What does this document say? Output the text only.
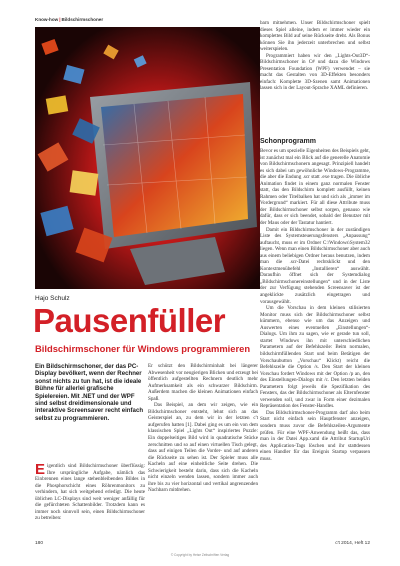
Know-how|Bildschirmschoner
Hajo Schulz
Pausenfüller
Bildschirmschoner für Windows programmieren
Ein Bildschirmschoner, der das PC-Display bevölkert, wenn der Rechner sonst nichts zu tun hat, ist die ideale Bühne für allerlei grafische Spielereien. Mit .NET und der WPF sind selbst dreidimensionale und interaktive Screensaver recht einfach selbst zu programmieren.
E igentlich sind Bildschirmschoner überflüssig: Ihre ursprüngliche Aufgabe, nämlich das Einbrennen eines lange stehenbleibenden Bildes in die Phosphorschicht eines Röhrenmonitors zu verhindern, hat sich weitgehend erledigt. Die heute üblichen LC-Displays sind weit weniger anfällig für die gefürchteten Schattenbilder. Trotzdem kann es immer noch sinnvoll sein, einen Bildschirmschoner zu betreiben:

Er schützt den Bildschirminhalt bei längerer Abwesenheit vor neugierigen Blicken und erzeugt bei öffentlich aufgestellten Rechnern deutlich mehr Aufmerksamkeit als ein schwarzer Bildschirm. Außerdem machen die kleinen Animationen einfach Spaß.

Das Beispiel, an dem wir zeigen, wie ein Bildschirmschoner entsteht, lehnt sich an das Geisterspiel an, zu dem wir in der letzten c't aufgerufen hatten [1]. Dabei ging es um ein von dem klassischen Spiel „Lights Out“ inspiriertes Puzzle: Ein doppelseitiges Bild wird in quadratische Stücke zerschnitten und so auf einen virtuellen Tisch gelegt, dass auf einigen Teilen die Vorder- und auf anderen die Rückseite zu sehen ist. Der Spieler muss alle Kacheln auf eine einheitliche Seite drehen. Die Schwierigkeit besteht darin, dass sich die Kacheln nicht einzeln wenden lassen, sondern immer auch ihre bis zu vier horizontal und vertikal angrenzenden Nachbarn mitdrehen.

barn mitnehmen. Unser Bildschirmschoner spielt dieses Spiel alleine, indem er immer wieder ein komplettes Bild auf seine Rückseite dreht. Als Bonus können Sie ihn jederzeit unterbrechen und selbst weiterspielen.

Programmiert haben wir den „Lights-Out3D“-Bildschirmschoner in C# und dazu die Windows Presentation Foundation (WPF) verwendet – sie macht das Gestalten von 3D-Effekten besonders einfach: Komplette 3D-Szenen samt Animationen lassen sich in der Layout-Sprache XAML definieren.

Schonprogramm

Bevor es um spezielle Eigenheiten des Beispiels geht, ist zunächst mal ein Blick auf die generelle Anatomie von Bildschirmschonern angesagt. Prinzipiell handelt es sich dabei um gewöhnliche Windows-Programme, die aber die Endung .scr statt .exe tragen. Die übliche Animation findet in einem ganz normalen Fenster statt, das den Bildschirm komplett ausfüllt, keinen Rahmen oder Titelbalken hat und sich als „immer im Vordergrund“ markiert. Für all diese Attribute muss der Bildschirmschoner selbst sorgen, genauso wie dafür, dass er sich beendet, sobald der Benutzer mit der Maus oder der Tastatur hantiert.

Damit ein Bildschirmschoner in der zuständigen Liste des Systemsteuerungsfensters „Anpassung“ auftaucht, muss er im Ordner C:\Windows\System32 liegen. Wenn man einen Bildschirmschoner aber auch aus einem beliebigen Ordner heraus benutzen, indem man die .scr-Datei rechtsklickt und den Kontextmenübefehl „Installieren“ auswählt. Daraufhin öffnet sich der Systemdialog „Bildschirmschonereinstellungen“ und in der Liste der zur Verfügung stehenden Screensaver ist der angeklickte zusätzlich eingetragen und vorausgewählt.

Um die Vorschau in dem kleinen stilisierten Monitor muss sich der Bildschirmschoner selbst kümmern, ebenso wie um das Anzeigen und Auswerten eines eventuellen „Einstellungen“-Dialogs. Um ihm zu sagen, wie er gerade tun soll, startet Windows ihn mit unterschiedlichen Parametern auf der Befehlszeile: Beim normalen, bildschirmfüllenden Start und beim Betätigen der Vorschaubutton „Vorschau“ Klickt) reicht die Befehlszeile die Option /s. Den Start der kleinen Vorschau fordert Windows mit der Option /p an, den des Einstellungen-Dialogs mit /c. Den letzten beiden Parametern folgt jeweils die Spezifikation des Fensters, das der Bildschirmschoner als Elternfenster verwenden soll, und zwar in Form einer dezimalen Repräsentation des Fenster-Handles.

Das Bildschirmschoner-Programm darf also beim Start nicht einfach sein Hauptfenster anzeigen, sondern muss zuvor die Befehlszeilen-Argumente prüfen. Für eine WPF-Anwendung heißt das, dass man in der Datei App.xaml die Attribut StartupUri des Application-Tags löschen und ihr stattdessen einen Handler für das Ereignis Startup verpassen muss.

180	c't 2014, Heft 12
© Copyright by Heise Zeitschriften Verlag
